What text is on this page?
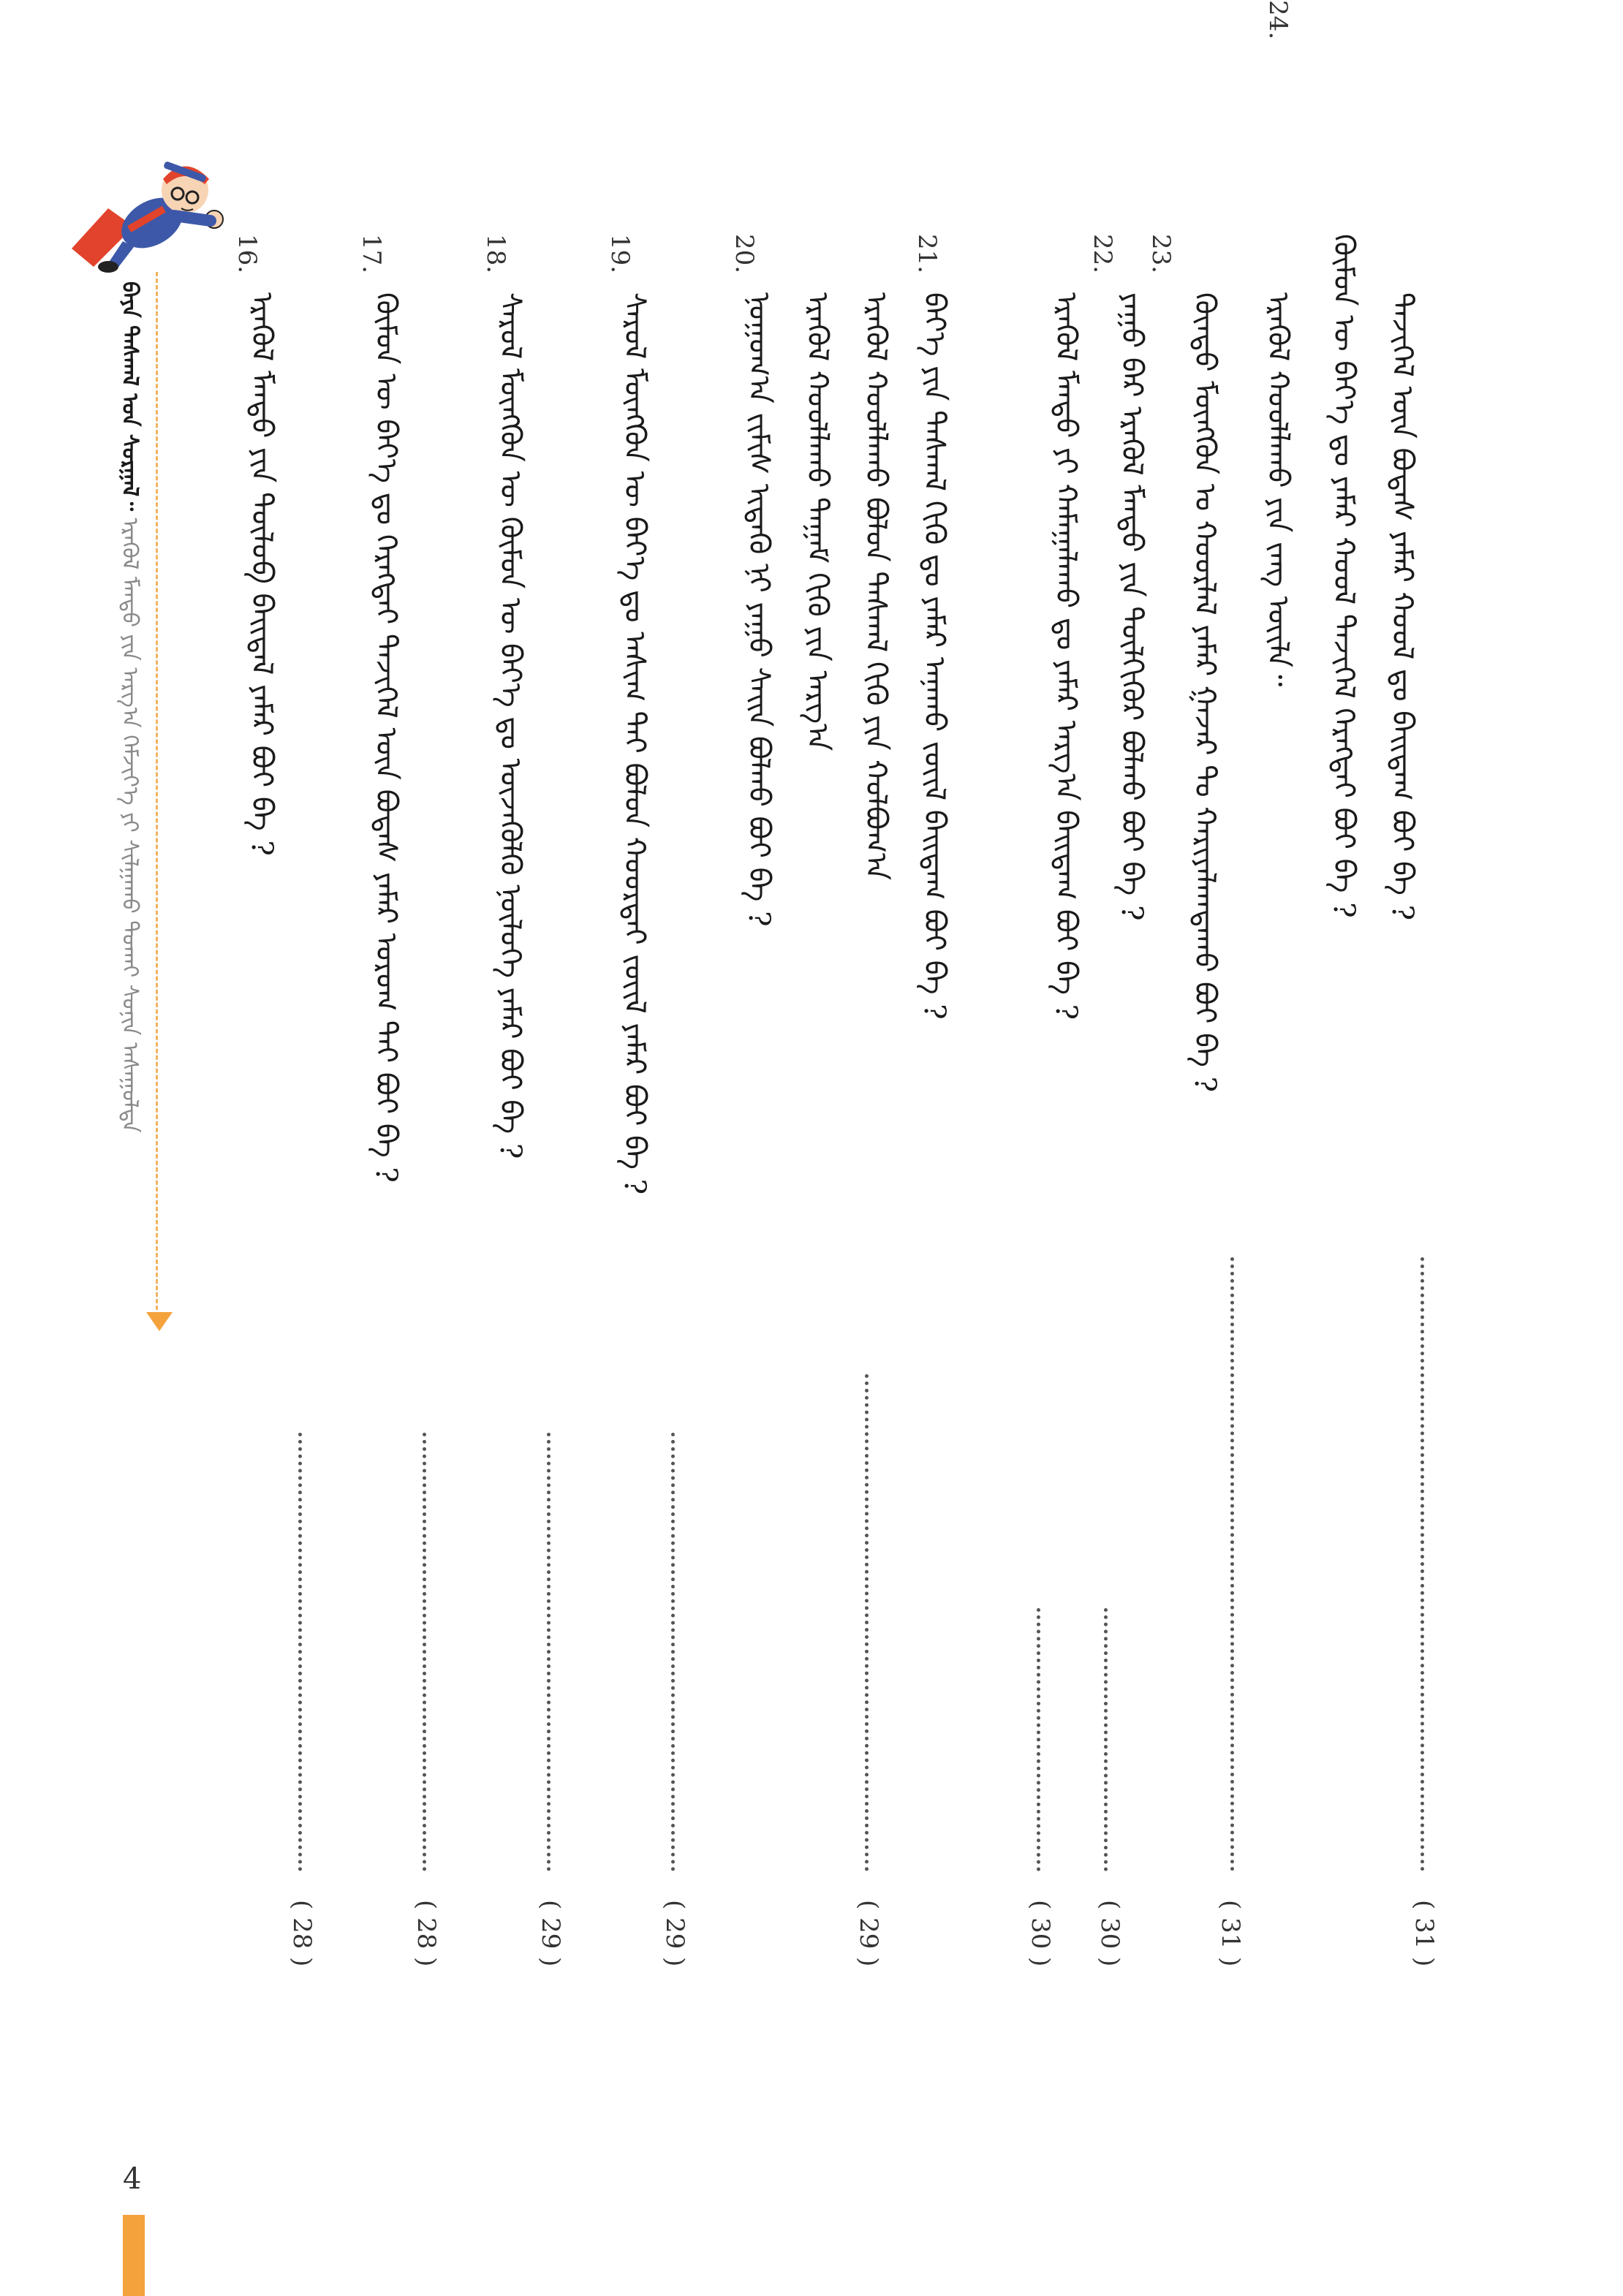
ᠪᠡᠶᠡ ᠳᠠᠰᠬᠠᠯ ᠤᠨ ᠰᠤᠷᠭᠠᠯ᠃ ᠡᠷᠡᠭᠦᠯ ᠮᠡᠨᠳᠦ ᠶᠢᠨ ᠠᠷᠭ᠎ᠠ ᠬᠡᠮᠵᠢᠶ᠎ᠡ ᠶᠢ ᠰᠢᠯᠭᠠᠬᠤ ᠲᠤᠬᠠᠢ ᠰᠣᠨᠢᠨ ᠠᠰᠠᠭᠤᠯᠲᠠ
24.
ᠬᠦᠮᠦᠨ ᠦ ᠪᠡᠶ᠎ᠡ ᠳᠤ ᠶᠠᠮᠠᠷ ᠬᠣᠣᠯ ᠲᠡᠵᠢᠭᠡᠯ ᠬᠡᠷᠡᠭᠲᠡᠢ ᠪᠤᠢ ᠪᠡ ? ᠲᠡᠵᠢᠭᠡᠯ ᠦᠨ ᠪᠣᠳᠠᠰ ᠶᠠᠮᠠᠷ ᠬᠣᠣᠯ ᠳᠤ ᠪᠠᠢᠳᠠᠭ ᠪᠤᠢ ᠪᠡ ?
ᠡᠷᠡᠭᠦᠯ ᠬᠣᠤᠯᠯᠠᠬᠤ ᠶᠢᠨ ᠵᠠᠩ ᠦᠢᠯᠡ᠃
( 31 )
23.
ᠬᠦᠨᠳᠦ ᠮᠥᠩᠭᠦᠨ ᠤ ᠬᠣᠣᠷᠯᠠᠯ ᠶᠠᠮᠠᠷ ᠭᠠᠵᠠᠷ ᠲᠤ ᠬᠠᠷᠢᠶᠠᠯᠠᠭᠳᠠᠬᠤ ᠪᠤᠢ ᠪᠡ ?
( 31 )
22.
ᠶᠠᠭᠤ ᠪᠡᠷ ᠡᠷᠡᠭᠦᠯ ᠮᠡᠨᠳᠦ ᠶᠢᠨ ᠲᠦᠯᠬᠢᠭᠦᠷ ᠪᠣᠯᠬᠤ ᠪᠤᠢ ᠪᠡ ?
ᠡᠷᠡᠭᠦᠯ ᠮᠡᠨᠳᠦ ᠶᠢ ᠬᠠᠮᠠᠭᠠᠯᠠᠬᠤ ᠳᠤ ᠶᠠᠮᠠᠷ ᠠᠷᠭ᠎ᠠ ᠪᠠᠢᠳᠠᠭ ᠪᠤᠢ ᠪᠡ ?
( 30 )
21.
ᠪᠡᠶ᠎ᠡ ᠶᠢᠨ ᠳᠠᠰᠬᠠᠯ ᠬᠢᠬᠦ ᠳᠤ ᠶᠠᠮᠠᠷ ᠠᠨᠠᠬᠤ ᠵᠦᠢᠯ ᠪᠠᠢᠳᠠᠭ ᠪᠤᠢ ᠪᠡ ?
ᠡᠷᠡᠭᠦᠯ ᠬᠣᠤᠯᠯᠠᠬᠤ ᠪᠤᠯᠤᠨ ᠳᠠᠰᠬᠠᠯ ᠬᠢᠬᠦ ᠶᠢᠨ ᠬᠣᠯᠪᠣᠭ᠎ᠠ
( 30 )
20.
ᠨᠣᠭᠣᠭ᠎ᠠ ᠵᠢᠮᠢᠰ ᠢᠳᠡᠬᠦ ᠨᠢ ᠶᠠᠭᠤ ᠰᠠᠢᠨ ᠪᠣᠯᠬᠤ ᠪᠤᠢ ᠪᠡ ? ᠡᠷᠡᠭᠦᠯ ᠬᠣᠤᠯᠯᠠᠬᠤ ᠳᠠᠭᠠᠮ ᠬᠢᠬᠦ ᠶᠢᠨ ᠠᠷᠭ᠎ᠠ
( 29 )
19.
ᠰᠠᠷᠤᠯ ᠮᠥᠩᠭᠦᠨ ᠦ ᠪᠡᠶ᠎ᠡ ᠳᠤ ᠠᠰᠢᠭ ᠲᠠᠢ ᠪᠤᠯᠤᠨ ᠬᠣᠣᠷᠲᠠᠢ ᠵᠦᠢᠯ ᠶᠠᠮᠠᠷ ᠪᠤᠢ ᠪᠡ ?
( 29 )
18.
ᠰᠠᠷᠤᠯ ᠮᠥᠩᠭᠦᠨ ᠦ ᠬᠦᠮᠦᠨ ᠦ ᠪᠡᠶ᠎ᠡ ᠳᠤ ᠦᠵᠡᠭᠦᠯᠬᠦ ᠨᠥᠯᠦᠭᠡ ᠶᠠᠮᠠᠷ ᠪᠤᠢ ᠪᠡ ?
( 29 )
17.
ᠬᠦᠮᠦᠨ ᠦ ᠪᠡᠶ᠎ᠡ ᠳᠤ ᠬᠡᠷᠡᠭᠲᠡᠢ ᠲᠡᠵᠢᠭᠡᠯ ᠦᠨ ᠪᠣᠳᠠᠰ ᠶᠠᠮᠠᠷ ᠤᠷᠤᠭ ᠲᠠᠢ ᠪᠤᠢ ᠪᠡ ?
( 28 )
16.
ᠡᠷᠡᠭᠦᠯ ᠮᠡᠨᠳᠦ ᠶᠢᠨ ᠲᠥᠯᠦᠪ ᠪᠠᠢᠳᠠᠯ ᠶᠠᠮᠠᠷ ᠪᠤᠢ ᠪᠡ ?
( 28 )
4
